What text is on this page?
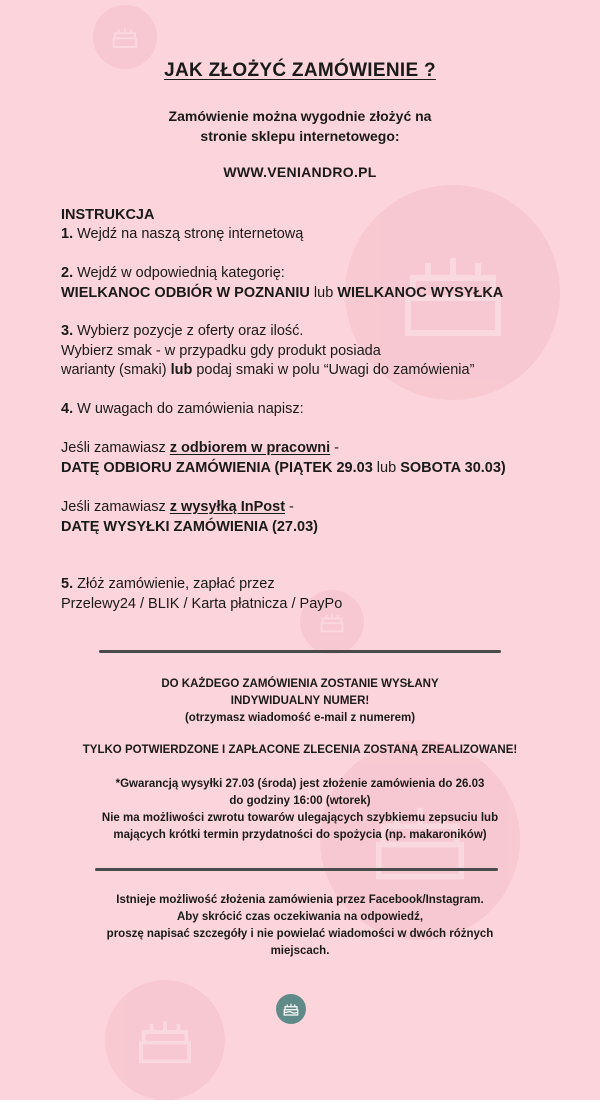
JAK ZŁOŻYĆ ZAMÓWIENIE ?
Zamówienie można wygodnie złożyć na
stronie sklepu internetowego:
WWW.VENIANDRO.PL
INSTRUKCJA
1. Wejdź na naszą stronę internetową
2. Wejdź w odpowiednią kategorię:
WIELKANOC ODBIÓR W POZNANIU lub WIELKANOC WYSYŁKA
3. Wybierz pozycje z oferty oraz ilość.
Wybierz smak - w przypadku gdy produkt posiada
warianty (smaki) lub podaj smaki w polu “Uwagi do zamówienia”
4. W uwagach do zamówienia napisz:
Jeśli zamawiasz z odbiorem w pracowni -
DATĘ ODBIORU ZAMÓWIENIA (PIĄTEK 29.03 lub SOBOTA 30.03)
Jeśli zamawiasz z wysyłką InPost -
DATĘ WYSYŁKI ZAMÓWIENIA (27.03)
5. Złóż zamówienie, zapłać przez
Przelewy24 / BLIK / Karta płatnicza / PayPo
DO KAŻDEGO ZAMÓWIENIA ZOSTANIE WYSŁANY
INDYWIDUALNY NUMER!
(otrzymasz wiadomość e-mail z numerem)
TYLKO POTWIERDZONE I ZAPŁACONE ZLECENIA ZOSTANĄ ZREALIZOWANE!
*Gwarancją wysyłki 27.03 (środa) jest złożenie zamówienia do 26.03
do godziny 16:00 (wtorek)
Nie ma możliwości zwrotu towarów ulegających szybkiemu zepsuciu lub
mających krótki termin przydatności do spożycia (np. makaroników)
Istnieje możliwość złożenia zamówienia przez Facebook/Instagram.
Aby skrócić czas oczekiwania na odpowiedź,
proszę napisać szczegóły i nie powielać wiadomości w dwóch różnych
miejscach.
